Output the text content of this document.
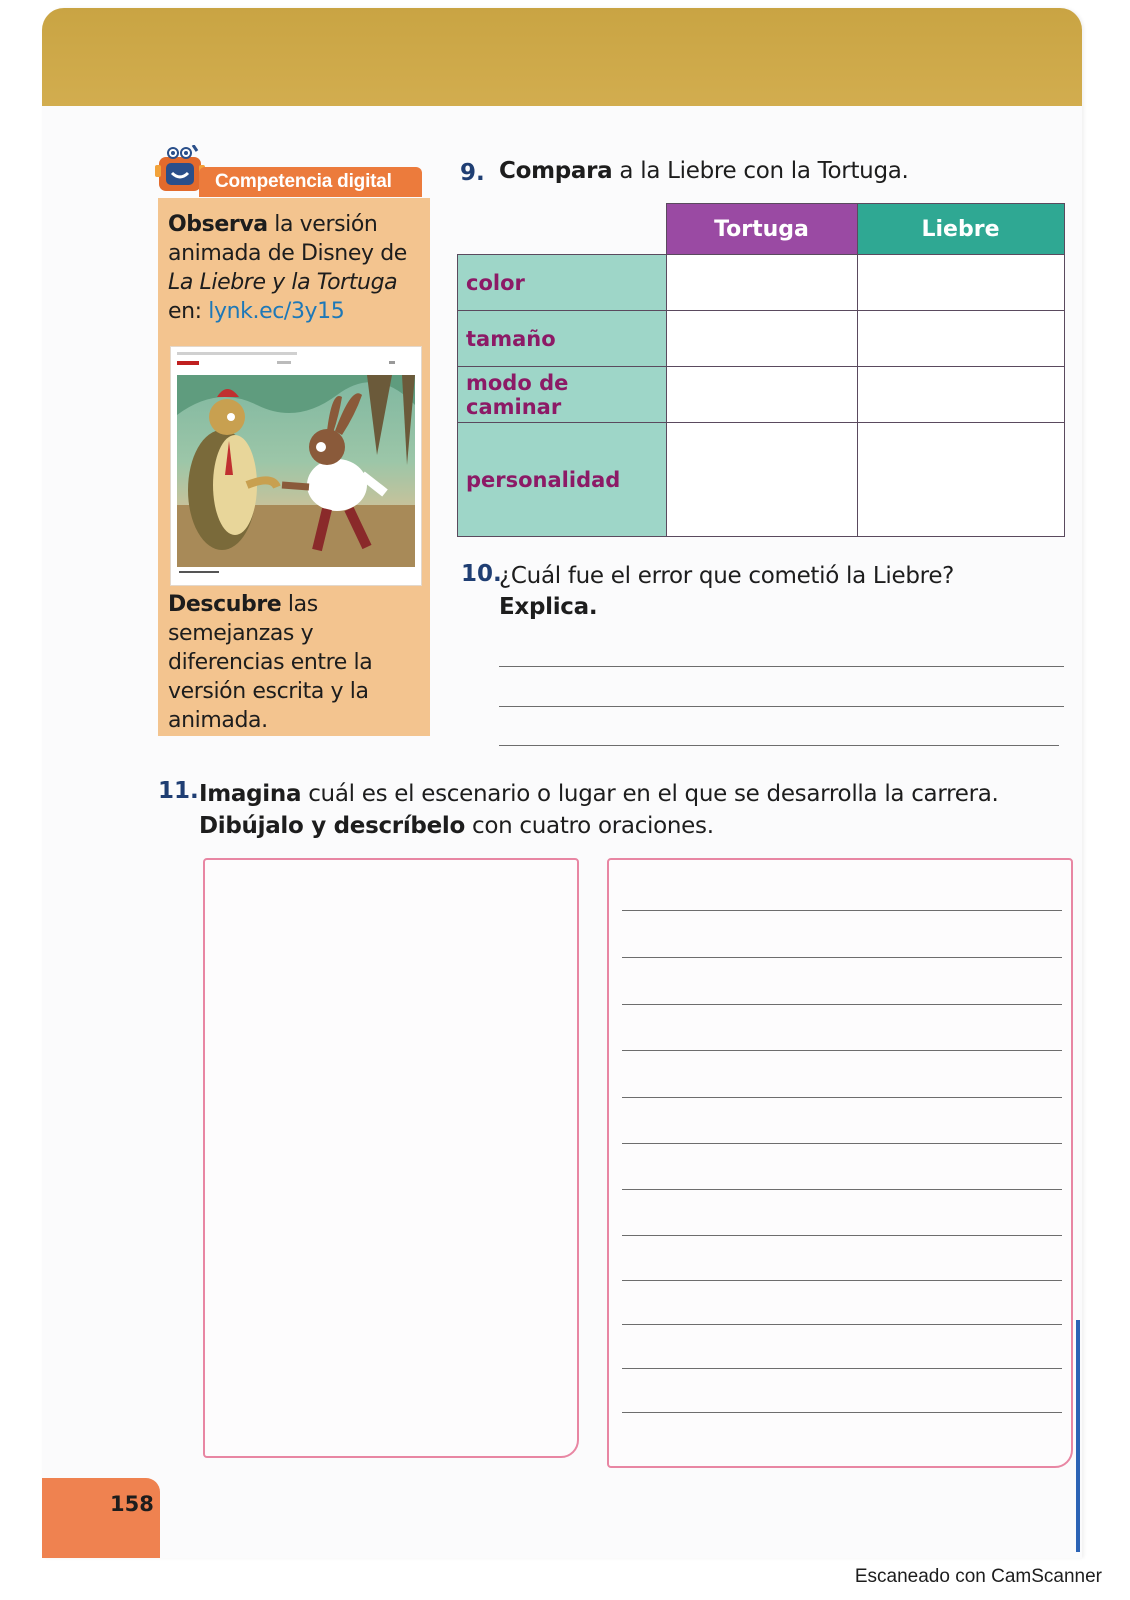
Competencia digital
Observa la versión animada de Disney de La Liebre y la Tortuga
en: lynk.ec/3y15
Descubre las semejanzas y diferencias entre la versión escrita y la animada.
9. Compara a la Liebre con la Tortuga.
	Tortuga	Liebre
color		
tamaño		
modo de caminar		
personalidad		
10.
¿Cuál fue el error que cometió la Liebre?
Explica.
11. Imagina cuál es el escenario o lugar en el que se desarrolla la carrera.
Dibújalo y descríbelo con cuatro oraciones.
158
Escaneado con CamScanner
